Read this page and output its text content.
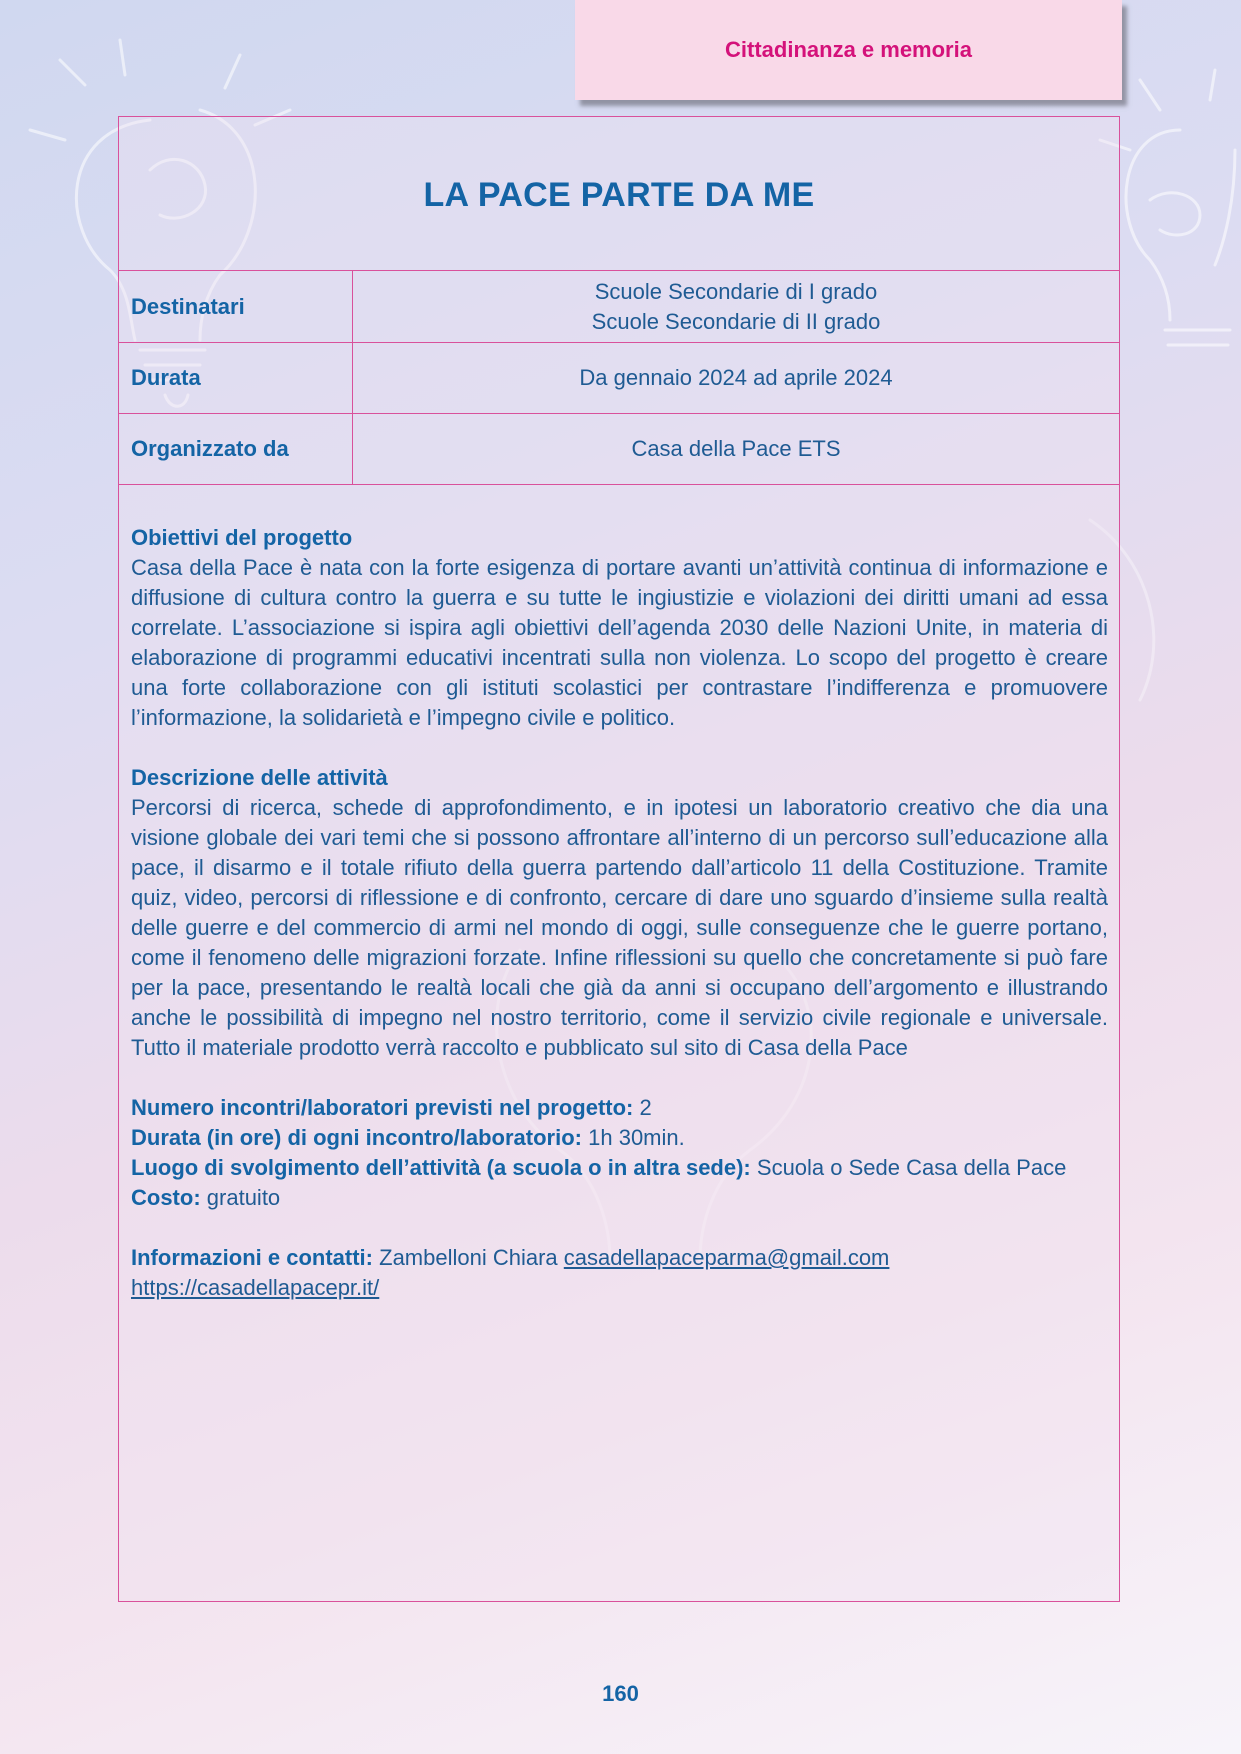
Cittadinanza e memoria
LA PACE PARTE DA ME
Destinatari
Scuole Secondarie di I grado
Scuole Secondarie di II grado
Durata	Da gennaio 2024 ad aprile 2024
Organizzato da	Casa della Pace ETS
Obiettivi del progetto

Casa della Pace è nata con la forte esigenza di portare avanti un’attività continua di informazione e diffusione di cultura contro la guerra e su tutte le ingiustizie e violazioni dei diritti umani ad essa correlate. L’associazione si ispira agli obiettivi dell’agenda 2030 delle Nazioni Unite, in materia di elaborazione di programmi educativi incentrati sulla non violenza. Lo scopo del progetto è creare una forte collaborazione con gli istituti scolastici per contrastare l’indifferenza e promuovere l’informazione, la solidarietà e l’impegno civile e politico.

Descrizione delle attività

Percorsi di ricerca, schede di approfondimento, e in ipotesi un laboratorio creativo che dia una visione globale dei vari temi che si possono affrontare all’interno di un percorso sull’educazione alla pace, il disarmo e il totale rifiuto della guerra partendo dall’articolo 11 della Costituzione. Tramite quiz, video, percorsi di riflessione e di confronto, cercare di dare uno sguardo d’insieme sulla realtà delle guerre e del commercio di armi nel mondo di oggi, sulle conseguenze che le guerre portano, come il fenomeno delle migrazioni forzate. Infine riflessioni su quello che concretamente si può fare per la pace, presentando le realtà locali che già da anni si occupano dell’argomento e illustrando anche le possibilità di impegno nel nostro territorio, come il servizio civile regionale e universale. Tutto il materiale prodotto verrà raccolto e pubblicato sul sito di Casa della Pace

Numero incontri/laboratori previsti nel progetto: 2
Durata (in ore) di ogni incontro/laboratorio: 1h 30min.
Luogo di svolgimento dell’attività (a scuola o in altra sede): Scuola o Sede Casa della Pace
Costo: gratuito
Informazioni e contatti: Zambelloni Chiara casadellapaceparma@gmail.com
https://casadellapacepr.it/
160
